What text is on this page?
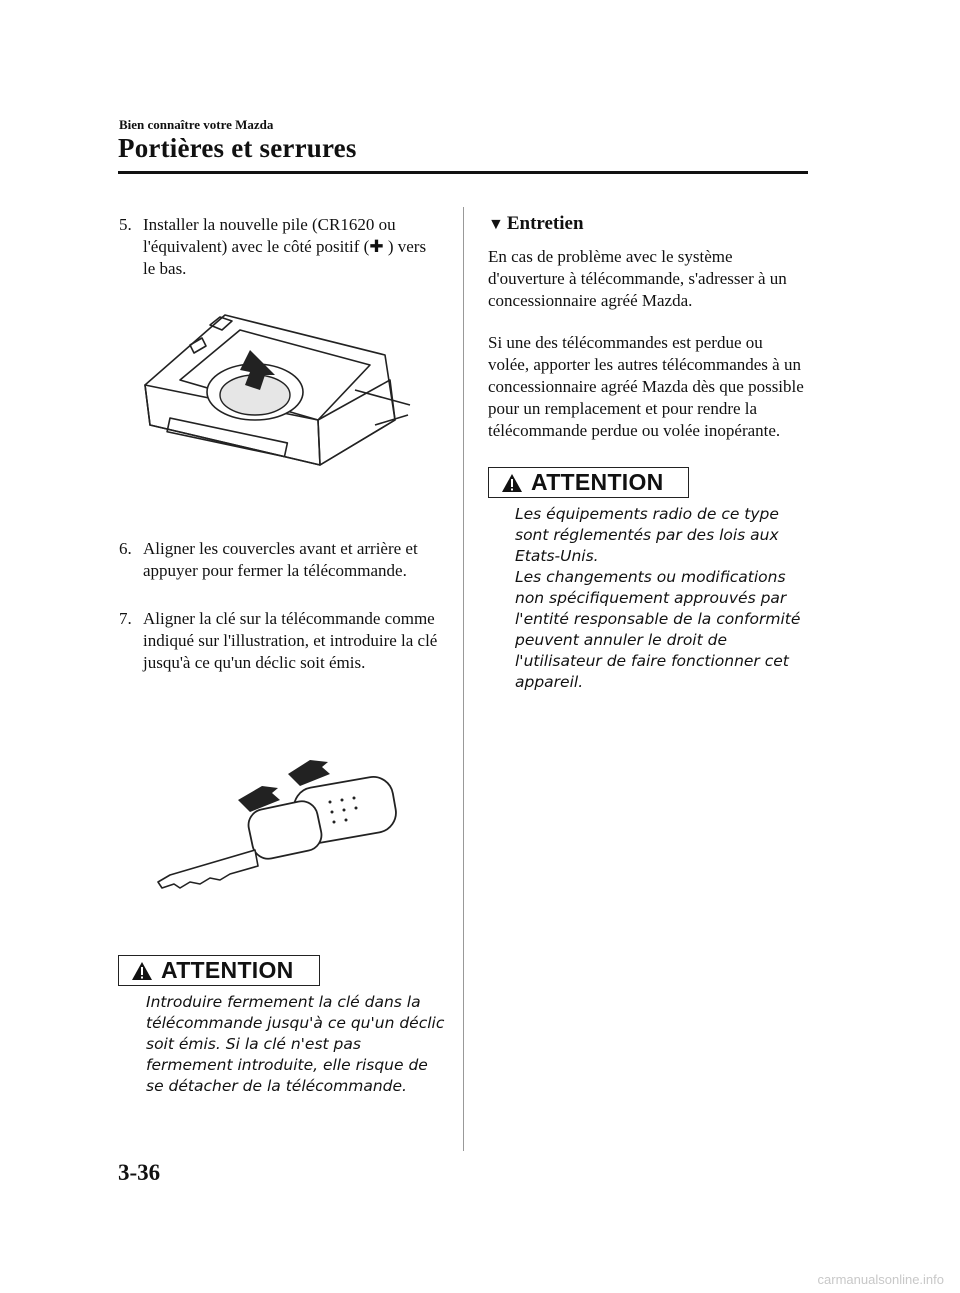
Bien connaître votre Mazda
Portières et serrures
5. Installer la nouvelle pile (CR1620 ou l'équivalent) avec le côté positif (✚ ) vers le bas.
6. Aligner les couvercles avant et arrière et appuyer pour fermer la télécommande.
7. Aligner la clé sur la télécommande comme indiqué sur l'illustration, et introduire la clé jusqu'à ce qu'un déclic soit émis.
ATTENTION
Introduire fermement la clé dans la
télécommande jusqu'à ce qu'un déclic
soit émis. Si la clé n'est pas
fermement introduite, elle risque de
se détacher de la télécommande.
▼ Entretien
En cas de problème avec le système d'ouverture à télécommande, s'adresser à un concessionnaire agréé Mazda.
Si une des télécommandes est perdue ou volée, apporter les autres télécommandes à un concessionnaire agréé Mazda dès que possible pour un remplacement et pour rendre la télécommande perdue ou volée inopérante.
ATTENTION
Les équipements radio de ce type
sont réglementés par des lois aux
Etats-Unis.
Les changements ou modifications
non spécifiquement approuvés par
l'entité responsable de la conformité
peuvent annuler le droit de
l'utilisateur de faire fonctionner cet
appareil.
3-36
carmanualsonline.info
